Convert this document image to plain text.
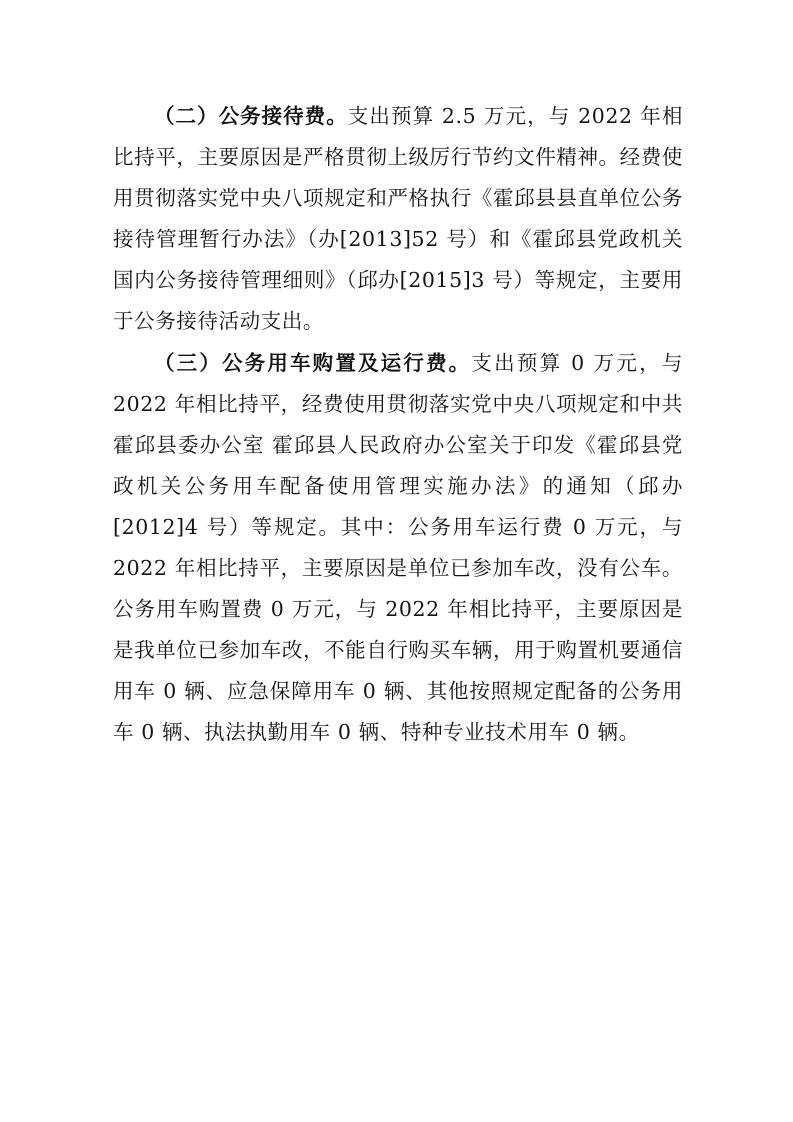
（二）公务接待费。支出预算 2.5 万元，与 2022 年相比持平，主要原因是严格贯彻上级厉行节约文件精神。经费使用贯彻落实党中央八项规定和严格执行《霍邱县县直单位公务接待管理暂行办法》（办[2013]52 号）和《霍邱县党政机关国内公务接待管理细则》（邱办[2015]3 号）等规定，主要用于公务接待活动支出。

（三）公务用车购置及运行费。支出预算 0 万元，与 2022 年相比持平，经费使用贯彻落实党中央八项规定和中共霍邱县委办公室 霍邱县人民政府办公室关于印发《霍邱县党政机关公务用车配备使用管理实施办法》的通知（邱办[2012]4 号）等规定。其中：公务用车运行费 0 万元，与 2022 年相比持平，主要原因是单位已参加车改，没有公车。公务用车购置费 0 万元，与 2022 年相比持平，主要原因是是我单位已参加车改，不能自行购买车辆，用于购置机要通信用车 0 辆、应急保障用车 0 辆、其他按照规定配备的公务用车 0 辆、执法执勤用车 0 辆、特种专业技术用车 0 辆。
